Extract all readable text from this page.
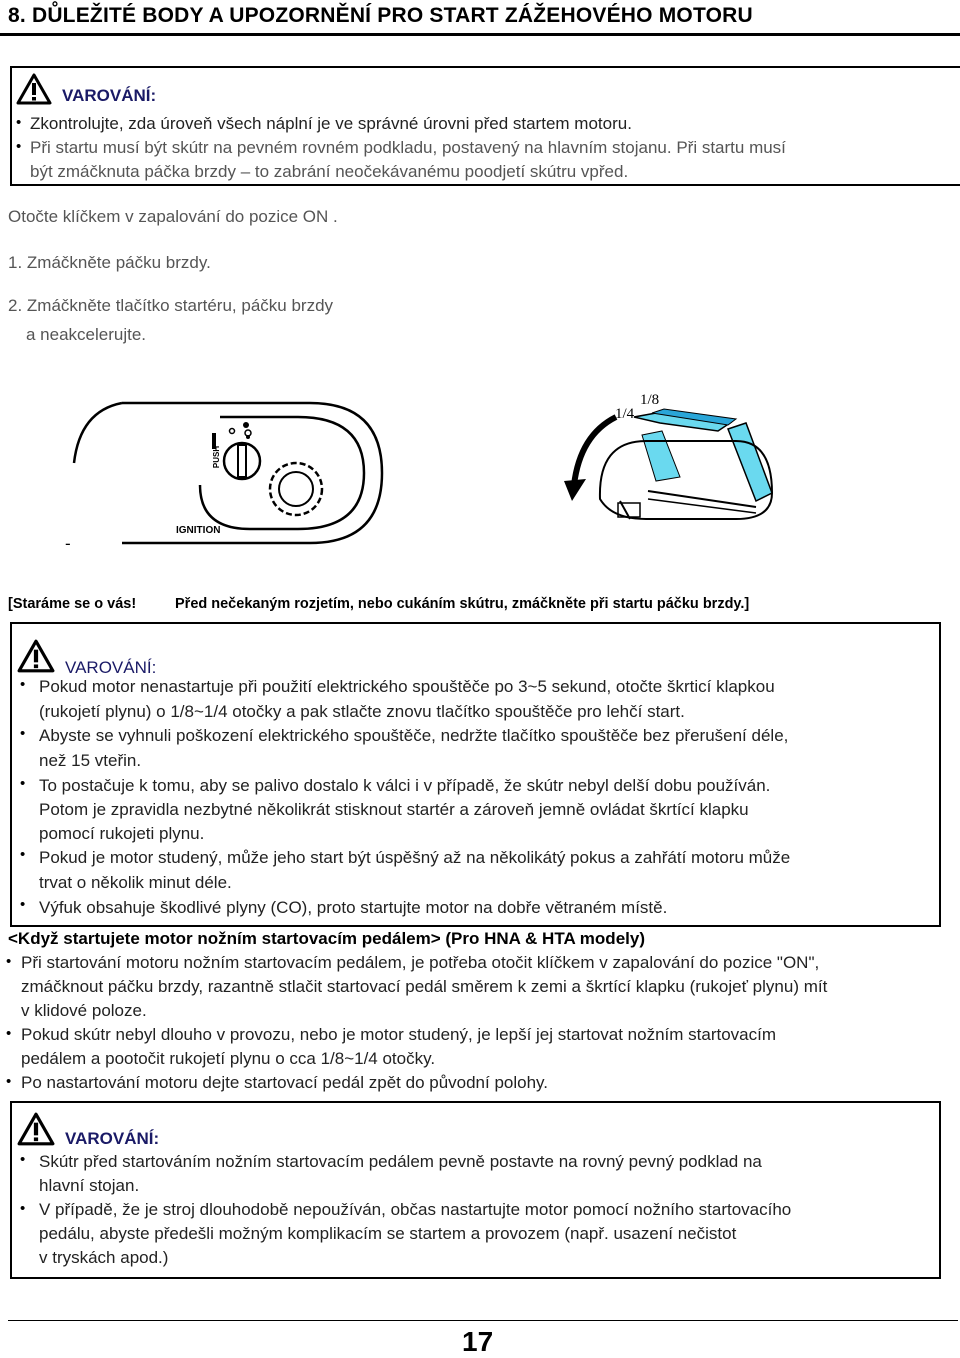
8. DŮLEŽITÉ BODY A UPOZORNĚNÍ PRO START ZÁŽEHOVÉHO MOTORU
VAROVÁNÍ:
• Zkontrolujte, zda úroveň všech náplní je ve správné úrovni před startem motoru.
• Při startu musí být skútr na pevném rovném podkladu, postavený na hlavním stojanu. Při startu musí
být zmáčknuta páčka brzdy – to zabrání neočekávanému poodjetí skútru vpřed.
Otočte klíčkem v zapalování do pozice ON .
1. Zmáčkněte páčku brzdy.
2. Zmáčkněte tlačítko startéru, páčku brzdy
a neakcelerujte.
PUSH
IGNITION
-
1/4
1/8
[Staráme se o vás!	Před nečekaným rozjetím, nebo cukáním skútru, zmáčkněte při startu páčku brzdy.]
VAROVÁNÍ:
• Pokud motor nenastartuje při použití elektrického spouštěče po 3~5 sekund, otočte škrticí klapkou
(rukojetí plynu) o 1/8~1/4 otočky a pak stlačte znovu tlačítko spouštěče pro lehčí start.
• Abyste se vyhnuli poškození elektrického spouštěče, nedržte tlačítko spouštěče bez přerušení déle,
než 15 vteřin.
• To postačuje k tomu, aby se palivo dostalo k válci i v případě, že skútr nebyl delší dobu používán.
Potom je zpravidla nezbytné několikrát stisknout startér a zároveň jemně ovládat škrtící klapku
pomocí rukojeti plynu.
• Pokud je motor studený, může jeho start být úspěšný až na několikátý pokus a zahřátí motoru může
trvat o několik minut déle.
• Výfuk obsahuje škodlivé plyny (CO), proto startujte motor na dobře větraném místě.
<Když startujete motor nožním startovacím pedálem> (Pro HNA & HTA modely)
• Při startování motoru nožním startovacím pedálem, je potřeba otočit klíčkem v zapalování do pozice "ON",
zmáčknout páčku brzdy, razantně stlačit startovací pedál směrem k zemi a škrtící klapku (rukojeť plynu) mít
v klidové poloze.
• Pokud skútr nebyl dlouho v provozu, nebo je motor studený, je lepší jej startovat nožním startovacím
pedálem a pootočit rukojetí plynu o cca 1/8~1/4 otočky.
• Po nastartování motoru dejte startovací pedál zpět do původní polohy.
VAROVÁNÍ:
• Skútr před startováním nožním startovacím pedálem pevně postavte na rovný pevný podklad na
hlavní stojan.
• V případě, že je stroj dlouhodobě nepoužíván, občas nastartujte motor pomocí nožního startovacího
pedálu, abyste předešli možným komplikacím se startem a provozem (např. usazení nečistot
v tryskách apod.)
17
